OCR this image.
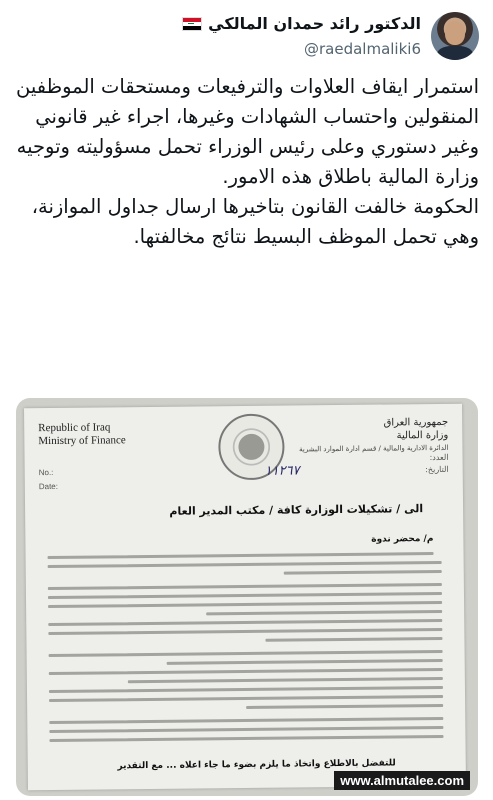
الدكتور رائد حمدان المالكي
@raedalmaliki6

استمرار ايقاف العلاوات والترفيعات ومستحقات الموظفين المنقولين واحتساب الشهادات وغيرها، اجراء غير قانوني وغير دستوري وعلى رئيس الوزراء تحمل مسؤوليته وتوجيه وزارة المالية باطلاق هذه الامور.

الحكومة خالفت القانون بتاخيرها ارسال جداول الموازنة، وهي تحمل الموظف البسيط نتائج مخالفتها.

Republic of Iraq
Ministry of Finance
جمهورية العراق
وزارة المالية
الدائرة الادارية والمالية / قسم ادارة الموارد البشرية
No.:
Date:
العدد:
التاريخ:
١١٢٦٧
الى / تشكيلات الوزارة كافة / مكتب المدير العام
م/ محضر ندوة
للتفضل بالاطلاع واتخاذ ما يلزم بضوء ما جاء اعلاه ... مع التقدير
www.almutalee.com
